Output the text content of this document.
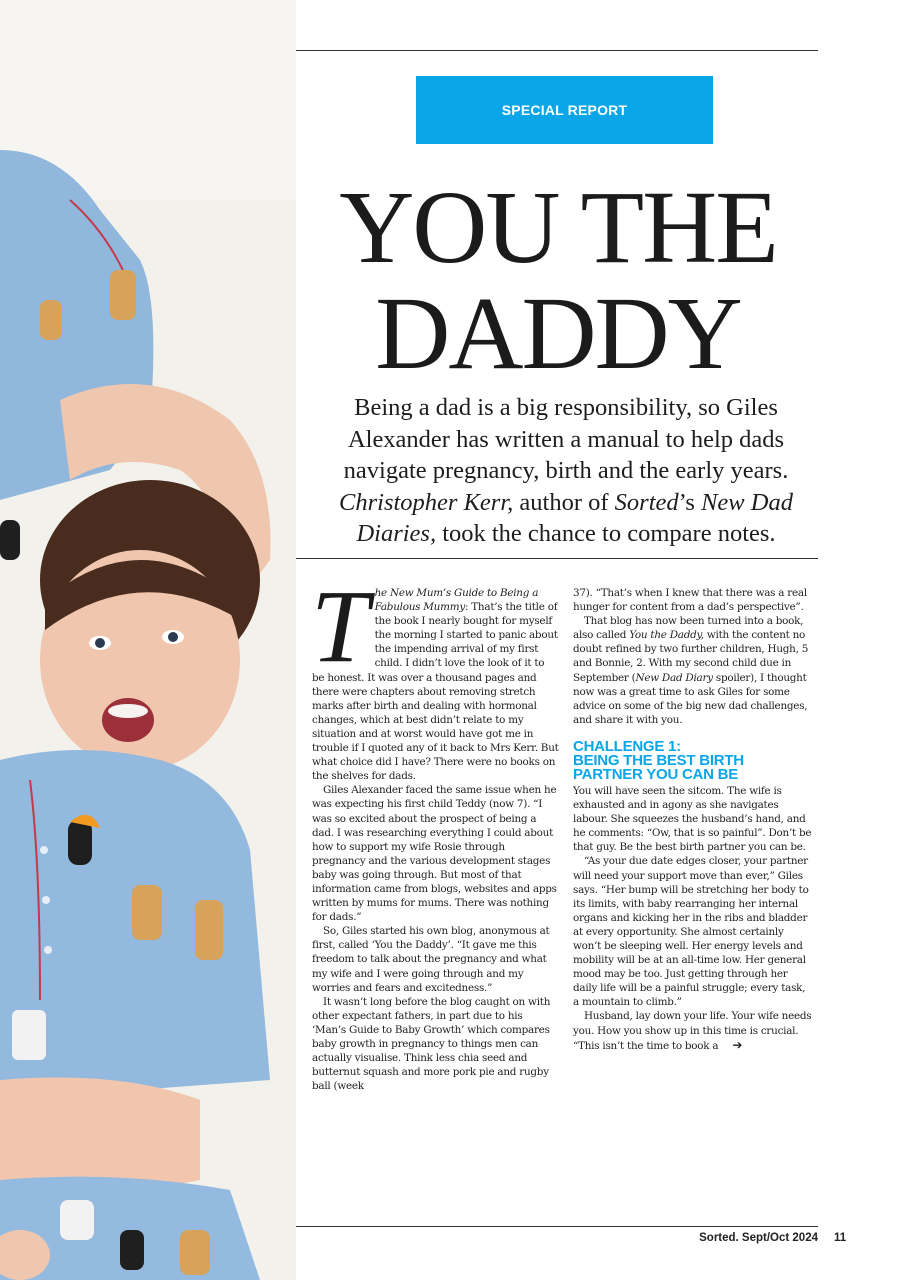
SPECIAL REPORT
YOU THE
DADDY
Being a dad is a big responsibility, so Giles Alexander has written a manual to help dads navigate pregnancy, birth and the early years. Christopher Kerr, author of Sorted’s New Dad Diaries, took the chance to compare notes.

The New Mum’s Guide to Being a Fabulous Mummy: That’s the title of the book I nearly bought for myself the morning I started to panic about the impending arrival of my first child. I didn’t love the look of it to be honest. It was over a thousand pages and there were chapters about removing stretch marks after birth and dealing with hormonal changes, which at best didn’t relate to my situation and at worst would have got me in trouble if I quoted any of it back to Mrs Kerr. But what choice did I have? There were no books on the shelves for dads.

Giles Alexander faced the same issue when he was expecting his first child Teddy (now 7). “I was so excited about the prospect of being a dad. I was researching everything I could about how to support my wife Rosie through pregnancy and the various development stages baby was going through. But most of that information came from blogs, websites and apps written by mums for mums. There was nothing for dads.”

So, Giles started his own blog, anonymous at first, called ‘You the Daddy’. “It gave me this freedom to talk about the pregnancy and what my wife and I were going through and my worries and fears and excitedness.”

It wasn’t long before the blog caught on with other expectant fathers, in part due to his ‘Man’s Guide to Baby Growth’ which compares baby growth in pregnancy to things men can actually visualise. Think less chia seed and butternut squash and more pork pie and rugby ball (week

37). “That’s when I knew that there was a real hunger for content from a dad’s perspective”.

That blog has now been turned into a book, also called You the Daddy, with the content no doubt refined by two further children, Hugh, 5 and Bonnie, 2. With my second child due in September (New Dad Diary spoiler), I thought now was a great time to ask Giles for some advice on some of the big new dad challenges, and share it with you.

CHALLENGE 1:
BEING THE BEST BIRTH PARTNER YOU CAN BE

You will have seen the sitcom. The wife is exhausted and in agony as she navigates labour. She squeezes the husband’s hand, and he comments: “Ow, that is so painful”. Don’t be that guy. Be the best birth partner you can be.

“As your due date edges closer, your partner will need your support move than ever,” Giles says. “Her bump will be stretching her body to its limits, with baby rearranging her internal organs and kicking her in the ribs and bladder at every opportunity. She almost certainly won’t be sleeping well. Her energy levels and mobility will be at an all-time low. Her general mood may be too. Just getting through her daily life will be a painful struggle; every task, a mountain to climb.”

Husband, lay down your life. Your wife needs you. How you show up in this time is crucial. “This isn’t the time to book a ➔

Sorted. Sept/Oct 2024 11
